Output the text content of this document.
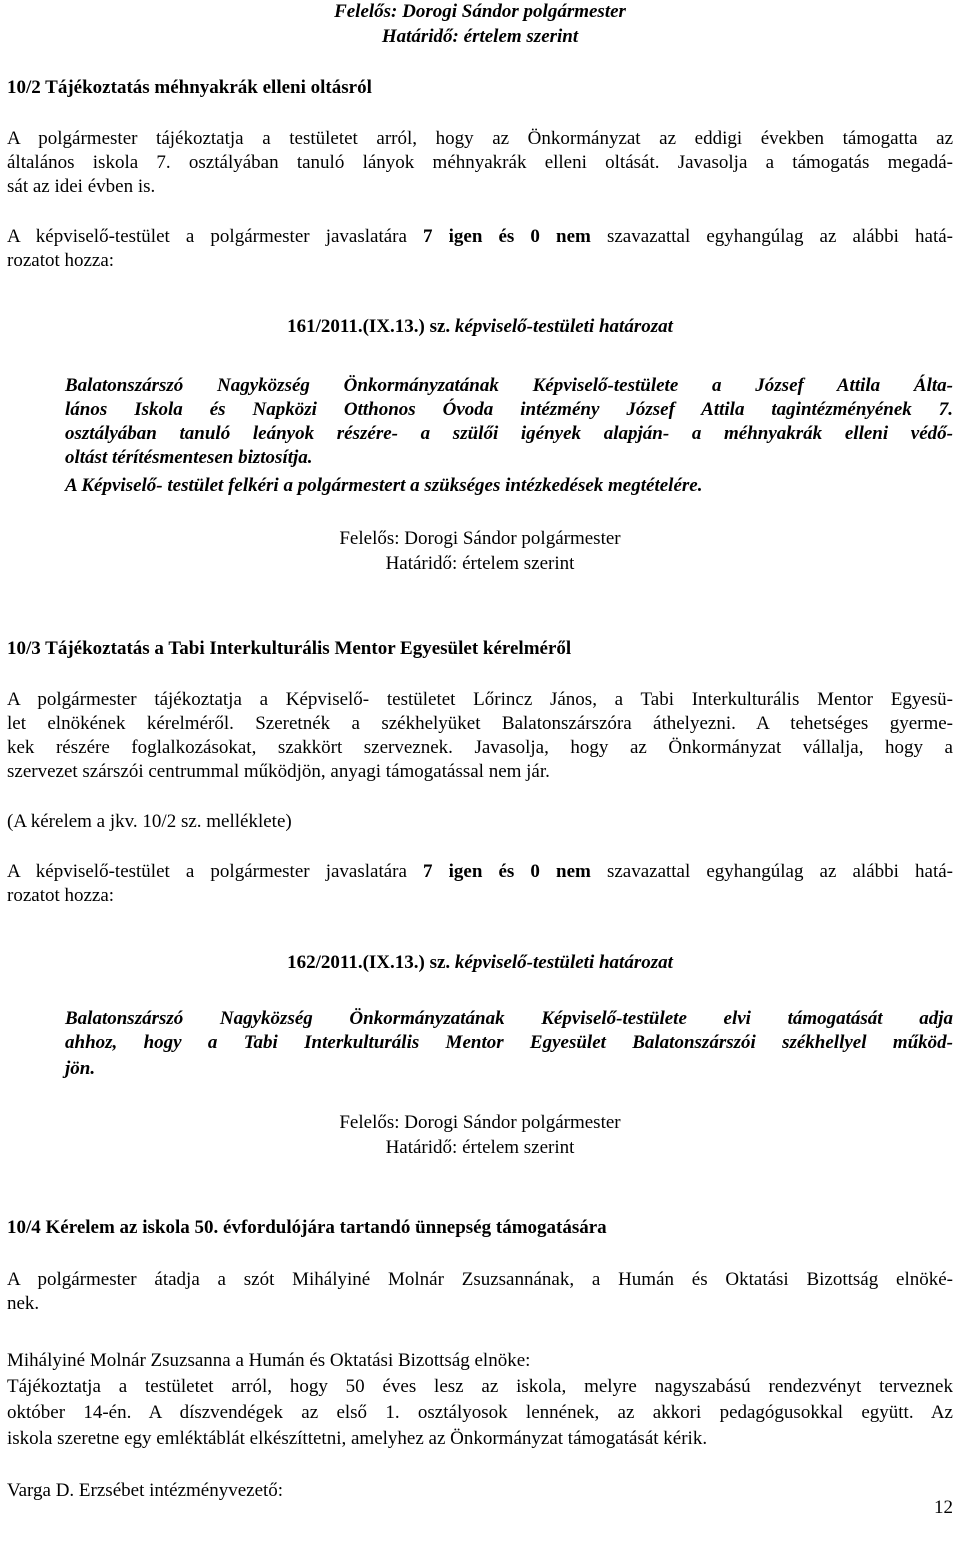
Felelős: Dorogi Sándor polgármester
Határidő: értelem szerint
10/2 Tájékoztatás méhnyakrák elleni oltásról
A polgármester tájékoztatja a testületet arról, hogy az Önkormányzat az eddigi években támogatta az
általános iskola 7. osztályában tanuló lányok méhnyakrák elleni oltását. Javasolja a támogatás megadá-
sát az idei évben is.
A képviselő-testület a polgármester javaslatára 7 igen és 0 nem szavazattal egyhangúlag az alábbi hatá-
rozatot hozza:
161/2011.(IX.13.) sz. képviselő-testületi határozat
Balatonszárszó Nagyközség Önkormányzatának Képviselő-testülete a József Attila Álta-
lános Iskola és Napközi Otthonos Óvoda intézmény József Attila tagintézményének 7.
osztályában tanuló leányok részére- a szülői igények alapján- a méhnyakrák elleni védő-
oltást térítésmentesen biztosítja.
A Képviselő- testület felkéri a polgármestert a szükséges intézkedések megtételére.
Felelős: Dorogi Sándor polgármester
Határidő: értelem szerint
10/3 Tájékoztatás a Tabi Interkulturális Mentor Egyesület kérelméről
A polgármester tájékoztatja a Képviselő- testületet Lőrincz János, a Tabi Interkulturális Mentor Egyesü-
let elnökének kérelméről. Szeretnék a székhelyüket Balatonszárszóra áthelyezni. A tehetséges gyerme-
kek részére foglalkozásokat, szakkört szerveznek. Javasolja, hogy az Önkormányzat vállalja, hogy a
szervezet szárszói centrummal működjön, anyagi támogatással nem jár.
(A kérelem a jkv. 10/2 sz. melléklete)
A képviselő-testület a polgármester javaslatára 7 igen és 0 nem szavazattal egyhangúlag az alábbi hatá-
rozatot hozza:
162/2011.(IX.13.) sz. képviselő-testületi határozat
Balatonszárszó Nagyközség Önkormányzatának Képviselő-testülete elvi támogatását adja
ahhoz, hogy a Tabi Interkulturális Mentor Egyesület Balatonszárszói székhellyel működ-
jön.
Felelős: Dorogi Sándor polgármester
Határidő: értelem szerint
10/4 Kérelem az iskola 50. évfordulójára tartandó ünnepség támogatására
A polgármester átadja a szót Mihályiné Molnár Zsuzsannának, a Humán és Oktatási Bizottság elnöké-
nek.
Mihályiné Molnár Zsuzsanna a Humán és Oktatási Bizottság elnöke:
Tájékoztatja a testületet arról, hogy 50 éves lesz az iskola, melyre nagyszabású rendezvényt terveznek
október 14-én. A díszvendégek az első 1. osztályosok lennének, az akkori pedagógusokkal együtt. Az
iskola szeretne egy emléktáblát elkészíttetni, amelyhez az Önkormányzat támogatását kérik.
Varga D. Erzsébet intézményvezető:
12
